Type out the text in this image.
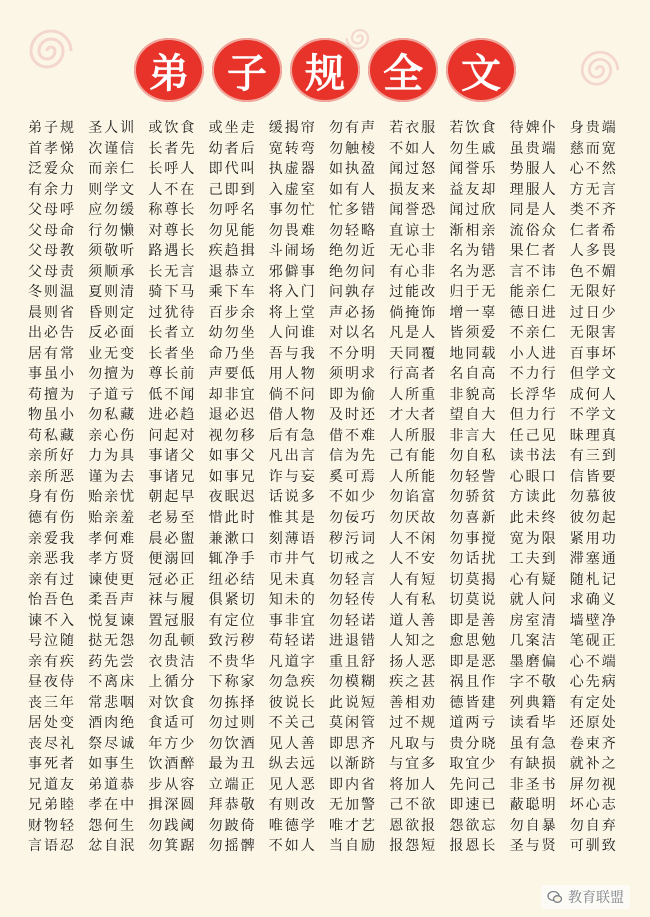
弟 子 规 全 文
弟子规 圣人训 或饮食 或坐走 缓揭帘 勿有声 若衣服 若饮食 待婢仆 身贵端
首孝悌 次谨信 长者先 幼者后 宽转弯 勿触棱 不如人 勿生戚 虽贵端 慈而宽
泛爱众 而亲仁 长呼人 即代叫 执虚器 如执盈 闻过怒 闻誉乐 势服人 心不然
有余力 则学文 人不在 己即到 入虚室 如有人 损友来 益友却 理服人 方无言
父母呼 应勿缓 称尊长 勿呼名 事勿忙 忙多错 闻誉恐 闻过欣 同是人 类不齐
父母命 行勿懒 对尊长 勿见能 勿畏难 勿轻略 直谅士 渐相亲 流俗众 仁者希
父母教 须敬听 路遇长 疾趋揖 斗闹场 绝勿近 无心非 名为错 果仁者 人多畏
父母责 须顺承 长无言 退恭立 邪僻事 绝勿问 有心非 名为恶 言不讳 色不媚
冬则温 夏则清 骑下马 乘下车 将入门 问孰存 过能改 归于无 能亲仁 无限好
晨则省 昏则定 过犹待 百步余 将上堂 声必扬 倘掩饰 增一辜 德日进 过日少
出必告 反必面 长者立 幼勿坐 人问谁 对以名 凡是人 皆须爱 不亲仁 无限害
居有常 业无变 长者坐 命乃坐 吾与我 不分明 天同覆 地同载 小人进 百事坏
事虽小 勿擅为 尊长前 声要低 用人物 须明求 行高者 名自高 不力行 但学文
苟擅为 子道亏 低不闻 却非宜 倘不问 即为偷 人所重 非貌高 长浮华 成何人
物虽小 勿私藏 进必趋 退必迟 借人物 及时还 才大者 望自大 但力行 不学文
苟私藏 亲心伤 问起对 视勿移 后有急 借不难 人所服 非言大 任己见 昧理真
亲所好 力为具 事诸父 如事父 凡出言 信为先 己有能 勿自私 读书法 有三到
亲所恶 谨为去 事诸兄 如事兄 诈与妄 奚可焉 人所能 勿轻訾 心眼口 信皆要
身有伤 贻亲忧 朝起早 夜眠迟 话说多 不如少 勿谄富 勿骄贫 方读此 勿慕彼
德有伤 贻亲羞 老易至 惜此时 惟其是 勿佞巧 勿厌故 勿喜新 此未终 彼勿起
亲爱我 孝何难 晨必盥 兼漱口 刻薄语 秽污词 人不闲 勿事搅 宽为限 紧用功
亲恶我 孝方贤 便溺回 辄净手 市井气 切戒之 人不安 勿话扰 工夫到 滞塞通
亲有过 谏使更 冠必正 纽必结 见未真 勿轻言 人有短 切莫揭 心有疑 随札记
怡吾色 柔吾声 袜与履 俱紧切 知未的 勿轻传 人有私 切莫说 就人问 求确义
谏不入 悦复谏 置冠服 有定位 事非宜 勿轻诺 道人善 即是善 房室清 墙壁净
号泣随 挞无怨 勿乱顿 致污秽 苟轻诺 进退错 人知之 愈思勉 几案洁 笔砚正
亲有疾 药先尝 衣贵洁 不贵华 凡道字 重且舒 扬人恶 即是恶 墨磨偏 心不端
昼夜侍 不离床 上循分 下称家 勿急疾 勿模糊 疾之甚 祸且作 字不敬 心先病
丧三年 常悲咽 对饮食 勿拣择 彼说长 此说短 善相劝 德皆建 列典籍 有定处
居处变 酒肉绝 食适可 勿过则 不关己 莫闲管 过不规 道两亏 读看毕 还原处
丧尽礼 祭尽诚 年方少 勿饮酒 见人善 即思齐 凡取与 贵分晓 虽有急 卷束齐
事死者 如事生 饮酒醉 最为丑 纵去远 以渐跻 与宜多 取宜少 有缺损 就补之
兄道友 弟道恭 步从容 立端正 见人恶 即内省 将加人 先问己 非圣书 屏勿视
兄弟睦 孝在中 揖深圆 拜恭敬 有则改 无加警 己不欲 即速已 蔽聪明 坏心志
财物轻 怨何生 勿践阈 勿跛倚 唯德学 唯才艺 恩欲报 怨欲忘 勿自暴 勿自弃
言语忍 忿自泯 勿箕踞 勿摇髀 不如人 当自励 报怨短 报恩长 圣与贤 可驯致
教育联盟
